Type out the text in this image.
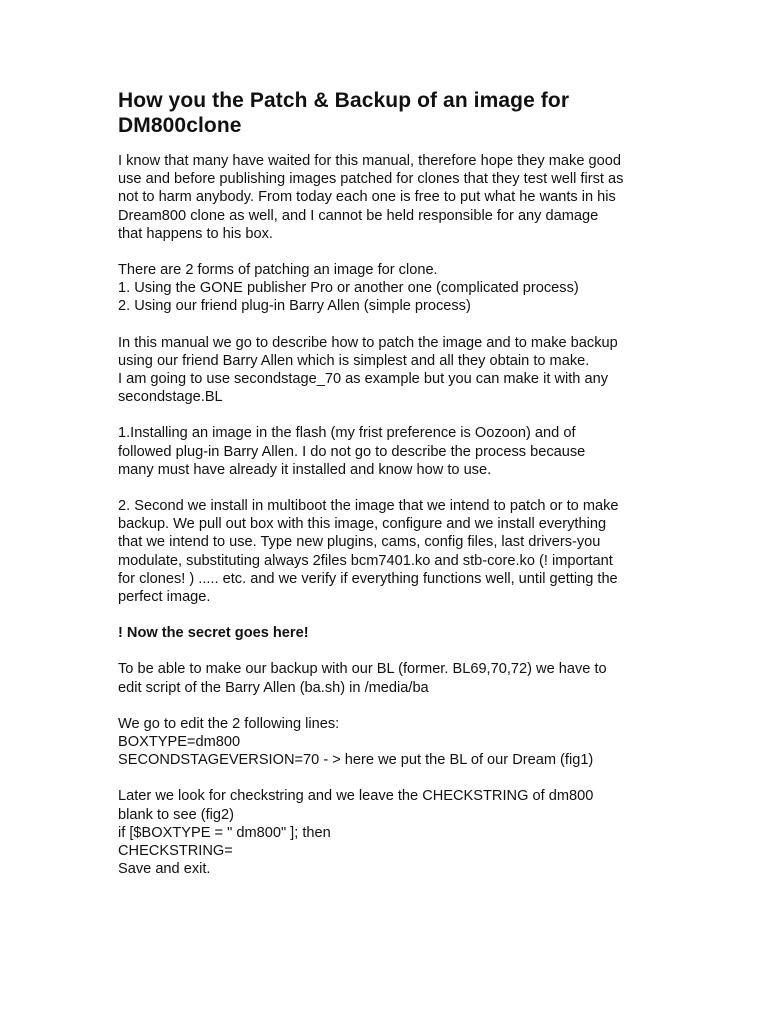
How you the Patch & Backup of an image for
DM800clone

I know that many have waited for this manual, therefore hope they make good
use and before publishing images patched for clones that they test well first as
not to harm anybody. From today each one is free to put what he wants in his
Dream800 clone as well, and I cannot be held responsible for any damage
that happens to his box.

There are 2 forms of patching an image for clone.
1. Using the GONE publisher Pro or another one (complicated process)
2. Using our friend plug-in Barry Allen (simple process)

In this manual we go to describe how to patch the image and to make backup
using our friend Barry Allen which is simplest and all they obtain to make.
I am going to use secondstage_70 as example but you can make it with any
secondstage.BL

1.Installing an image in the flash (my frist preference is Oozoon) and of
followed plug-in Barry Allen. I do not go to describe the process because
many must have already it installed and know how to use.

2. Second we install in multiboot the image that we intend to patch or to make
backup. We pull out box with this image, configure and we install everything
that we intend to use. Type new plugins, cams, config files, last drivers-you
modulate, substituting always 2files bcm7401.ko and stb-core.ko (! important
for clones! ) ..... etc. and we verify if everything functions well, until getting the
perfect image.

! Now the secret goes here!

To be able to make our backup with our BL (former. BL69,70,72) we have to
edit script of the Barry Allen (ba.sh) in /media/ba

We go to edit the 2 following lines:
BOXTYPE=dm800
SECONDSTAGEVERSION=70 - > here we put the BL of our Dream (fig1)

Later we look for checkstring and we leave the CHECKSTRING of dm800
blank to see (fig2)
if [$BOXTYPE = " dm800" ]; then
CHECKSTRING=
Save and exit.
